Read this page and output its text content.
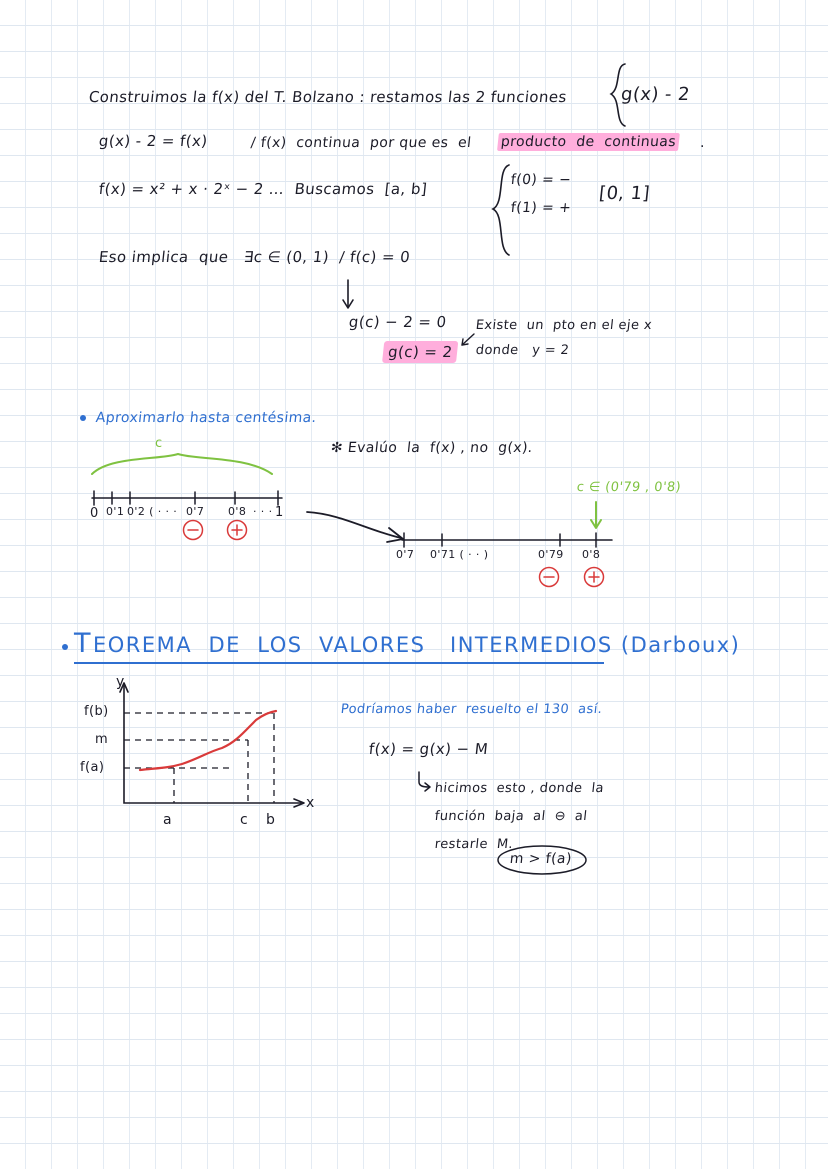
Construimos la f(x) del T. Bolzano : restamos las 2 funciones	g(x) - 2
g(x) - 2 = f(x)	/ f(x)  continua  por que es  el producto  de  continuas .
f(x) = x² + x · 2ˣ − 2 …  Buscamos  [a, b]	f(0) = −
f(1) = +
[0, 1]
Eso implica  que   ∃c ∈ (0, 1)  / f(c) = 0
g(c) − 2 = 0
g(c) = 2
Existe  un  pto en el eje x
donde   y = 2
Aproximarlo hasta centésima.
✻ Evalúo  la  f(x) , no  g(x).
c
0 0'1 0'2 ( · · · 0'7 0'8 · · · 1
0'7 0'71 ( · · )	0'79 0'8
c ∈ (0'79 , 0'8)
T EOREMA  DE  LOS  VALORES   INTERMEDIOS (Darboux)
y
x
f(b)
m
f(a)
a	c b
Podríamos haber  resuelto el 130  así.
f(x) = g(x) − M
hicimos  esto , donde  la
función  baja  al  ⊖  al
restarle  M.
m > f(a)
